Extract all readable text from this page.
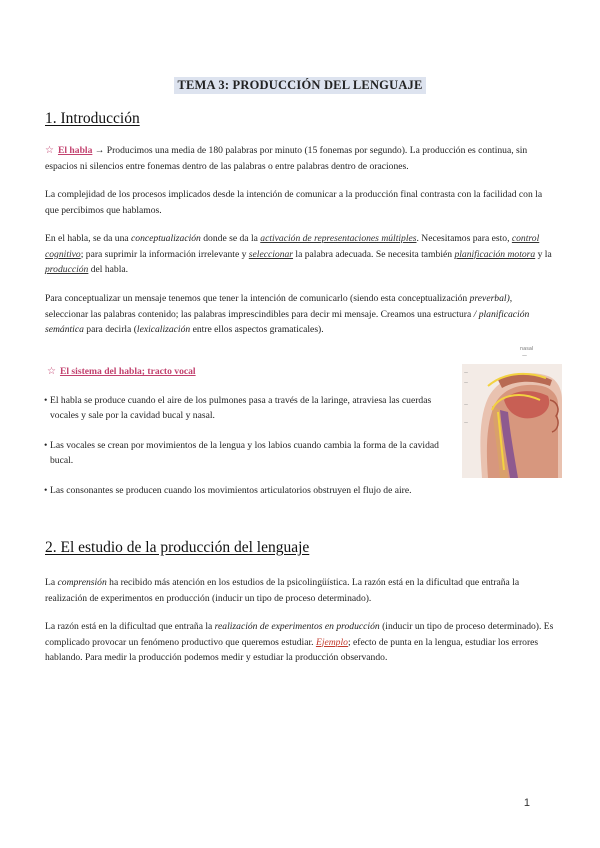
TEMA 3: PRODUCCIÓN DEL LENGUAJE
1. Introducción

☆ El habla → Producimos una media de 180 palabras por minuto (15 fonemas por segundo). La producción es continua, sin espacios ni silencios entre fonemas dentro de las palabras o entre palabras dentro de oraciones.

La complejidad de los procesos implicados desde la intención de comunicar a la producción final contrasta con la facilidad con la que percibimos que hablamos.

En el habla, se da una conceptualización donde se da la activación de representaciones múltiples. Necesitamos para esto, control cognitivo; para suprimir la información irrelevante y seleccionar la palabra adecuada. Se necesita también planificación motora y la producción del habla.

Para conceptualizar un mensaje tenemos que tener la intención de comunicarlo (siendo esta conceptualización preverbal), seleccionar las palabras contenido; las palabras imprescindibles para decir mi mensaje. Creamos una estructura / planificación semántica para decirla (lexicalización entre ellos aspectos gramaticales).

☆ El sistema del habla; tracto vocal

• El habla se produce cuando el aire de los pulmones pasa a través de la laringe, atraviesa las cuerdas vocales y sale por la cavidad bucal y nasal.
• Las vocales se crean por movimientos de la lengua y los labios cuando cambia la forma de la cavidad bucal.
• Las consonantes se producen cuando los movimientos articulatorios obstruyen el flujo de aire.
nasal
—
—
—
—
—
2. El estudio de la producción del lenguaje

La comprensión ha recibido más atención en los estudios de la psicolingüística. La razón está en la dificultad que entraña la realización de experimentos en producción (inducir un tipo de proceso determinado).

La razón está en la dificultad que entraña la realización de experimentos en producción (inducir un tipo de proceso determinado). Es complicado provocar un fenómeno productivo que queremos estudiar. Ejemplo; efecto de punta en la lengua, estudiar los errores hablando. Para medir la producción podemos medir y estudiar la producción observando.

1
